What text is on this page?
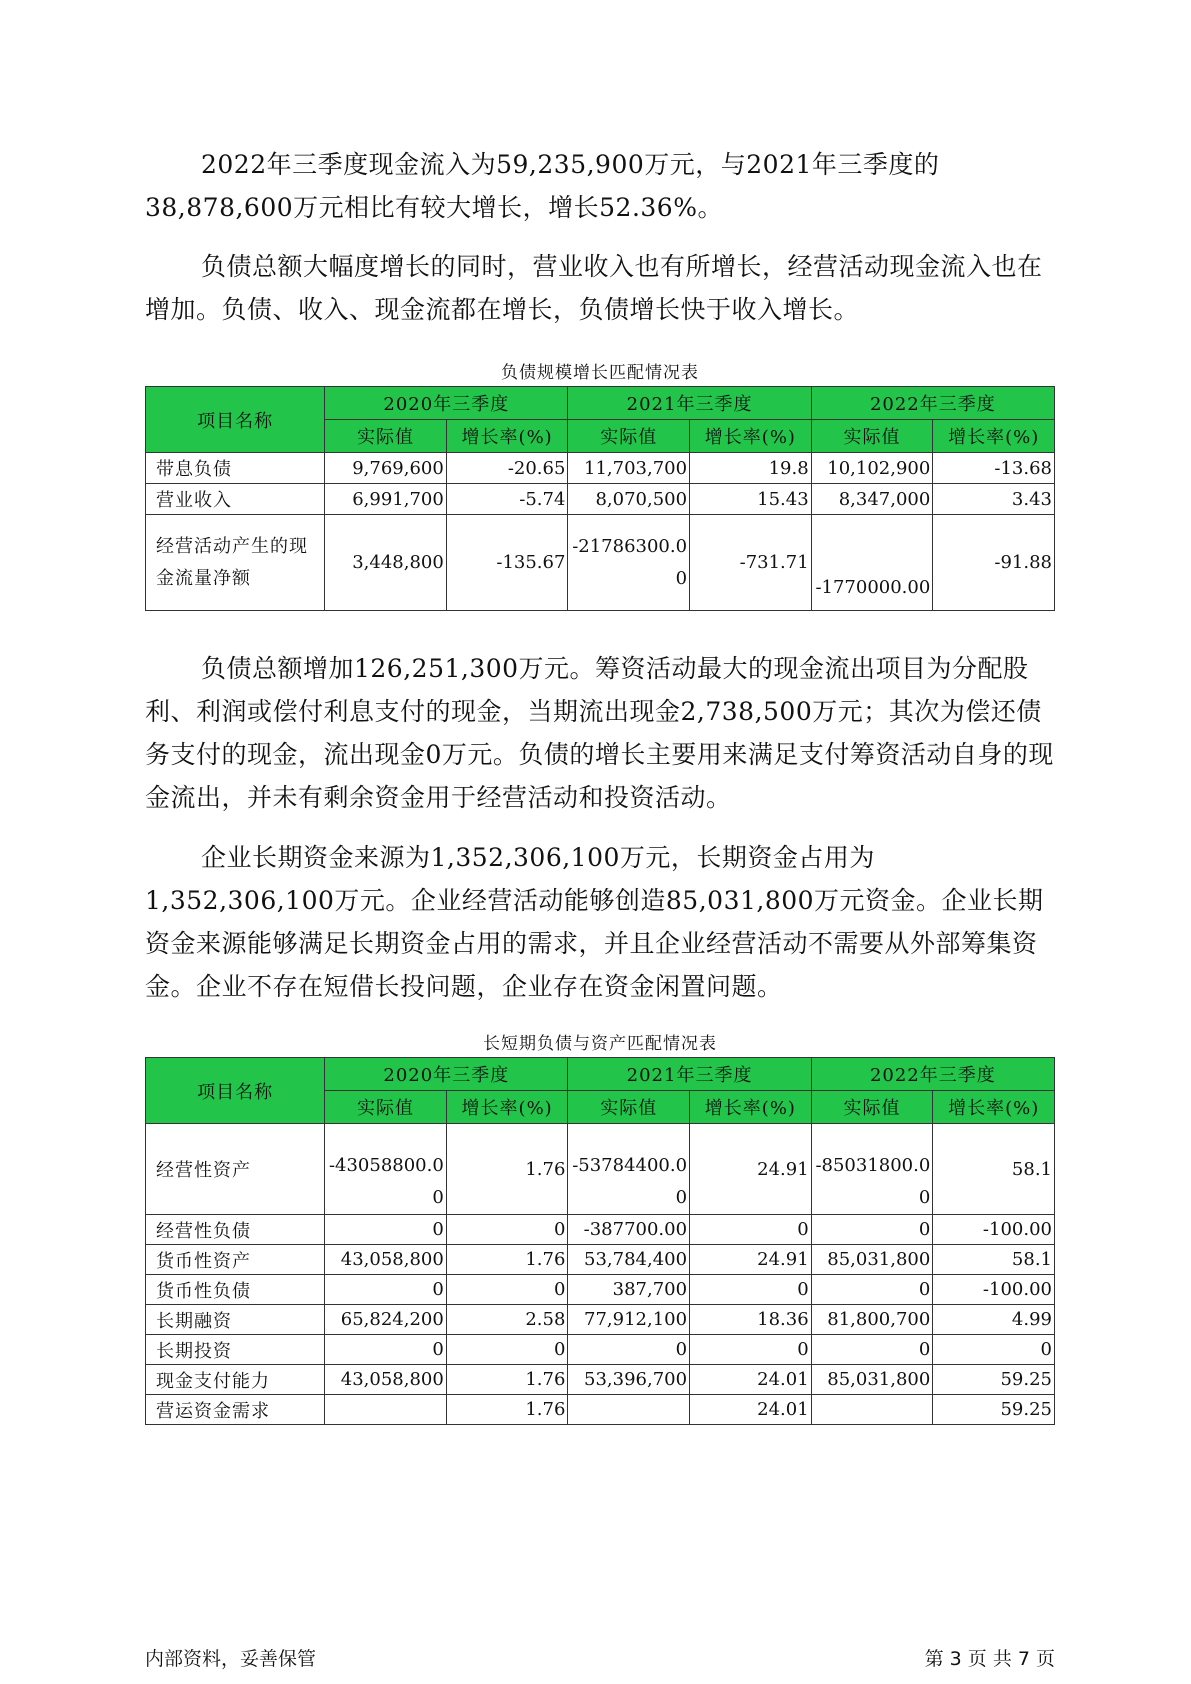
2022年三季度现金流入为59,235,900万元，与2021年三季度的38,878,600万元相比有较大增长，增长52.36%。

负债总额大幅度增长的同时，营业收入也有所增长，经营活动现金流入也在增加。负债、收入、现金流都在增长，负债增长快于收入增长。

负债规模增长匹配情况表
项目名称	2020年三季度		2021年三季度		2022年三季度	
	实际值	增长率(%)	实际值	增长率(%)	实际值	增长率(%)
带息负债	9,769,600	-20.65	11,703,700	19.8	10,102,900	-13.68
营业收入	6,991,700	-5.74	8,070,500	15.43	8,347,000	3.43
经营活动产生的现金流量净额	3,448,800	-135.67	-21786300.00	-731.71	-1770000.00	-91.88

负债总额增加126,251,300万元。筹资活动最大的现金流出项目为分配股利、利润或偿付利息支付的现金，当期流出现金2,738,500万元；其次为偿还债务支付的现金，流出现金0万元。负债的增长主要用来满足支付筹资活动自身的现金流出，并未有剩余资金用于经营活动和投资活动。

企业长期资金来源为1,352,306,100万元，长期资金占用为1,352,306,100万元。企业经营活动能够创造85,031,800万元资金。企业长期资金来源能够满足长期资金占用的需求，并且企业经营活动不需要从外部筹集资金。企业不存在短借长投问题，企业存在资金闲置问题。

长短期负债与资产匹配情况表
项目名称	2020年三季度		2021年三季度		2022年三季度	
	实际值	增长率(%)	实际值	增长率(%)	实际值	增长率(%)
经营性资产	-43058800.00	1.76	-53784400.00	24.91	-85031800.00	58.1
经营性负债	0	0	-387700.00	0	0	-100.00
货币性资产	43,058,800	1.76	53,784,400	24.91	85,031,800	58.1
货币性负债	0	0	387,700	0	0	-100.00
长期融资	65,824,200	2.58	77,912,100	18.36	81,800,700	4.99
长期投资	0	0	0	0	0	0
现金支付能力	43,058,800	1.76	53,396,700	24.01	85,031,800	59.25
营运资金需求		1.76		24.01		59.25
内部资料，妥善保管	第 3 页 共 7 页
